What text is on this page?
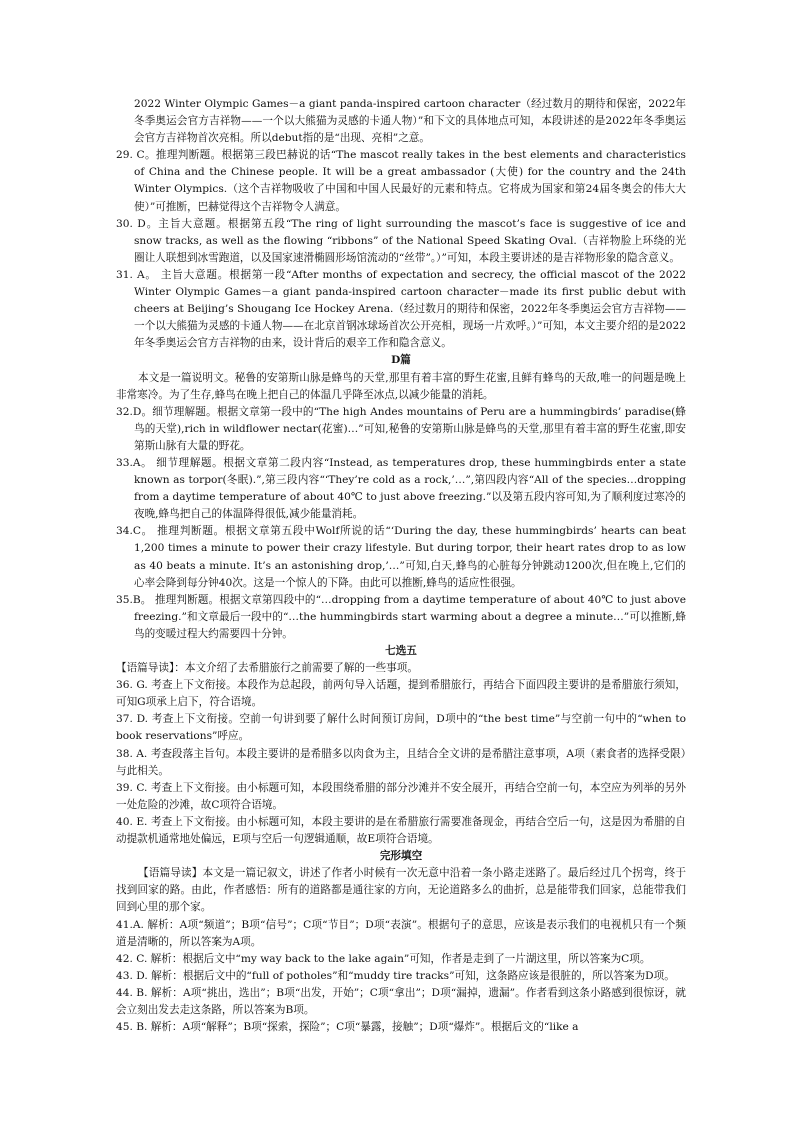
2022 Winter Olympic Games－a giant panda-inspired cartoon character（经过数月的期待和保密，2022年冬季奥运会官方吉祥物——一个以大熊猫为灵感的卡通人物）”和下文的具体地点可知，本段讲述的是2022年冬季奥运会官方吉祥物首次亮相。所以debut指的是“出现、亮相”之意。

29. C。推理判断题。根据第三段巴赫说的话“The mascot really takes in the best elements and characteristics of China and the Chinese people. It will be a great ambassador (大使) for the country and the 24th Winter Olympics.（这个吉祥物吸收了中国和中国人民最好的元素和特点。它将成为国家和第24届冬奥会的伟大大使）”可推断，巴赫觉得这个吉祥物令人满意。

30. D。主旨大意题。根据第五段“The ring of light surrounding the mascot’s face is suggestive of ice and snow tracks, as well as the flowing “ribbons” of the National Speed Skating Oval.（吉祥物脸上环绕的光圈让人联想到冰雪跑道，以及国家速滑椭圆形场馆流动的“丝带”。）”可知，本段主要讲述的是吉祥物形象的隐含意义。

31. A。 主旨大意题。根据第一段“After months of expectation and secrecy, the official mascot of the 2022 Winter Olympic Games－a giant panda-inspired cartoon character－made its first public debut with cheers at Beijing’s Shougang Ice Hockey Arena.（经过数月的期待和保密，2022年冬季奥运会官方吉祥物——一个以大熊猫为灵感的卡通人物——在北京首钢冰球场首次公开亮相，现场一片欢呼。）”可知，本文主要介绍的是2022年冬季奥运会官方吉祥物的由来，设计背后的艰辛工作和隐含意义。

D篇

本文是一篇说明文。秘鲁的安第斯山脉是蜂鸟的天堂,那里有着丰富的野生花蜜,且鲜有蜂鸟的天敌,唯一的问题是晚上非常寒冷。为了生存,蜂鸟在晚上把自己的体温几乎降至冰点,以减少能量的消耗。

32.D。细节理解题。根据文章第一段中的“The high Andes mountains of Peru are a hummingbirds’ paradise(蜂鸟的天堂),rich in wildflower nectar(花蜜)…”可知,秘鲁的安第斯山脉是蜂鸟的天堂,那里有着丰富的野生花蜜,即安第斯山脉有大量的野花。

33.A。 细节理解题。根据文章第二段内容“Instead, as temperatures drop, these hummingbirds enter a state known as torpor(冬眠).”,第三段内容“‘They’re cold as a rock,’…”,第四段内容“All of the species…dropping from a daytime temperature of about 40℃ to just above freezing.”以及第五段内容可知,为了顺利度过寒冷的夜晚,蜂鸟把自己的体温降得很低,减少能量消耗。

34.C。 推理判断题。根据文章第五段中Wolf所说的话“‘During the day, these hummingbirds’ hearts can beat 1,200 times a minute to power their crazy lifestyle. But during torpor, their heart rates drop to as low as 40 beats a minute. It’s an astonishing drop,’…”可知,白天,蜂鸟的心脏每分钟跳动1200次,但在晚上,它们的心率会降到每分钟40次。这是一个惊人的下降。由此可以推断,蜂鸟的适应性很强。

35.B。 推理判断题。根据文章第四段中的“…dropping from a daytime temperature of about 40℃ to just above freezing.”和文章最后一段中的“…the hummingbirds start warming about a degree a minute…”可以推断,蜂鸟的变暖过程大约需要四十分钟。

七选五

【语篇导读】：本文介绍了去希腊旅行之前需要了解的一些事项。

36. G. 考查上下文衔接。本段作为总起段，前两句导入话题，提到希腊旅行，再结合下面四段主要讲的是希腊旅行须知，可知G项承上启下，符合语境。

37. D. 考查上下文衔接。空前一句讲到要了解什么时间预订房间，D项中的“the best time”与空前一句中的“when to book reservations”呼应。

38. A. 考查段落主旨句。本段主要讲的是希腊多以肉食为主，且结合全文讲的是希腊注意事项，A项（素食者的选择受限）与此相关。

39. C. 考查上下文衔接。由小标题可知，本段围绕希腊的部分沙滩并不安全展开，再结合空前一句，本空应为列举的另外一处危险的沙滩，故C项符合语境。

40. E. 考查上下文衔接。由小标题可知，本段主要讲的是在希腊旅行需要准备现金，再结合空后一句，这是因为希腊的自动提款机通常地处偏远，E项与空后一句逻辑通顺，故E项符合语境。

完形填空

【语篇导读】本文是一篇记叙文，讲述了作者小时候有一次无意中沿着一条小路走迷路了。最后经过几个拐弯，终于找到回家的路。由此，作者感悟：所有的道路都是通往家的方向，无论道路多么的曲折，总是能带我们回家，总能带我们回到心里的那个家。

41.A. 解析：A项“频道”；B项“信号”；C项“节目”；D项“表演”。根据句子的意思，应该是表示我们的电视机只有一个频道是清晰的，所以答案为A项。

42. C. 解析：根据后文中“my way back to the lake again”可知，作者是走到了一片湖这里，所以答案为C项。

43. D. 解析：根据后文中的“full of potholes”和“muddy tire tracks”可知，这条路应该是很脏的，所以答案为D项。

44. B. 解析：A项“挑出，选出”；B项“出发，开始”；C项“拿出”；D项“漏掉，遗漏”。作者看到这条小路感到很惊讶，就会立刻出发去走这条路，所以答案为B项。

45. B. 解析：A项“解释”；B项“探索，探险”；C项“暴露，接触”；D项“爆炸”。根据后文的“like a
